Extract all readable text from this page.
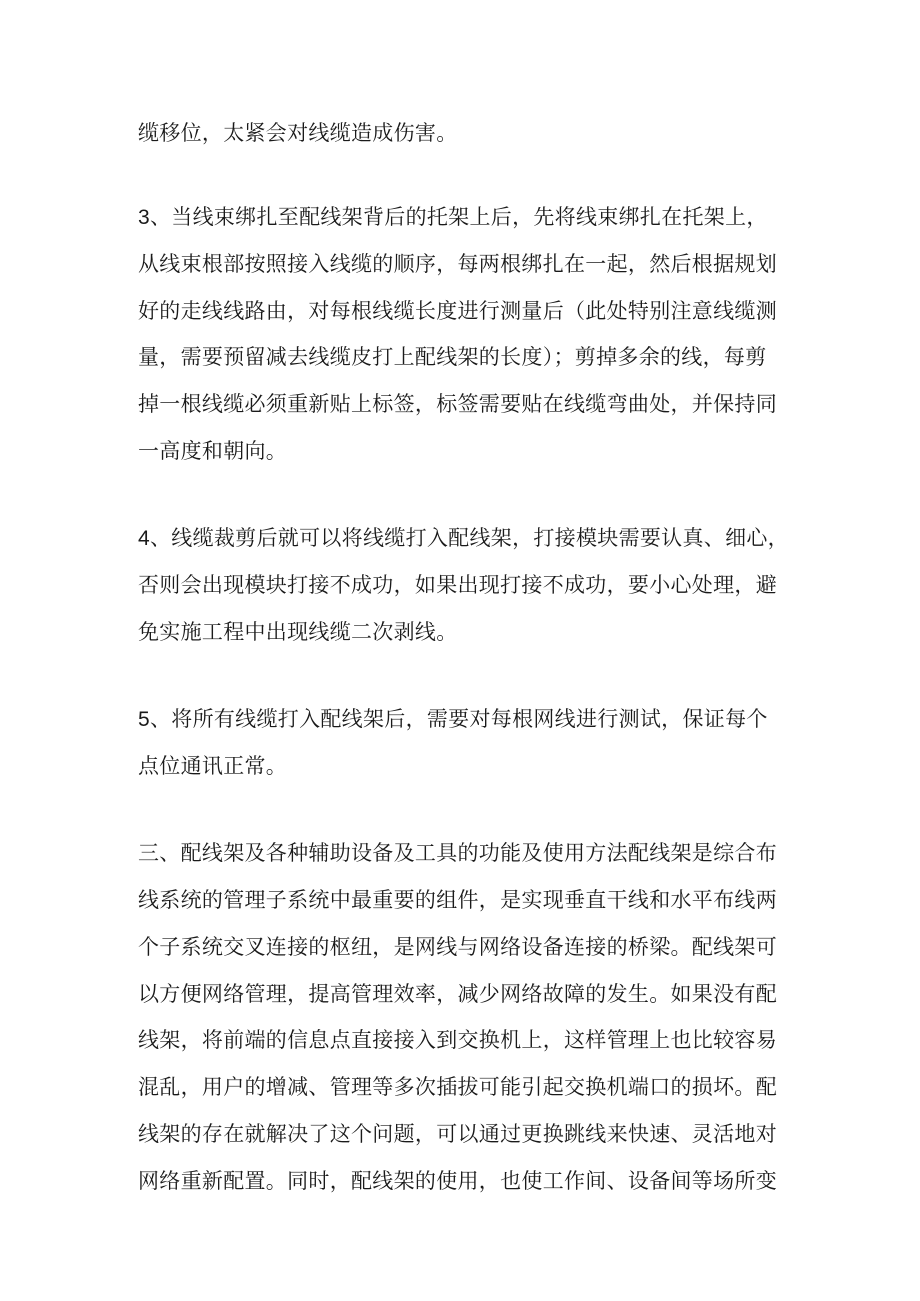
缆移位，太紧会对线缆造成伤害。
3、当线束绑扎至配线架背后的托架上后，先将线束绑扎在托架上，
从线束根部按照接入线缆的顺序，每两根绑扎在一起，然后根据规划
好的走线线路由，对每根线缆长度进行测量后（此处特别注意线缆测
量，需要预留减去线缆皮打上配线架的长度）；剪掉多余的线，每剪
掉一根线缆必须重新贴上标签，标签需要贴在线缆弯曲处，并保持同
一高度和朝向。
4、线缆裁剪后就可以将线缆打入配线架，打接模块需要认真、细心，
否则会出现模块打接不成功，如果出现打接不成功，要小心处理，避
免实施工程中出现线缆二次剥线。
5、将所有线缆打入配线架后，需要对每根网线进行测试，保证每个
点位通讯正常。
三、配线架及各种辅助设备及工具的功能及使用方法配线架是综合布
线系统的管理子系统中最重要的组件，是实现垂直干线和水平布线两
个子系统交叉连接的枢纽，是网线与网络设备连接的桥梁。配线架可
以方便网络管理，提高管理效率，减少网络故障的发生。如果没有配
线架，将前端的信息点直接接入到交换机上，这样管理上也比较容易
混乱，用户的增减、管理等多次插拔可能引起交换机端口的损坏。配
线架的存在就解决了这个问题，可以通过更换跳线来快速、灵活地对
网络重新配置。同时，配线架的使用，也使工作间、设备间等场所变
